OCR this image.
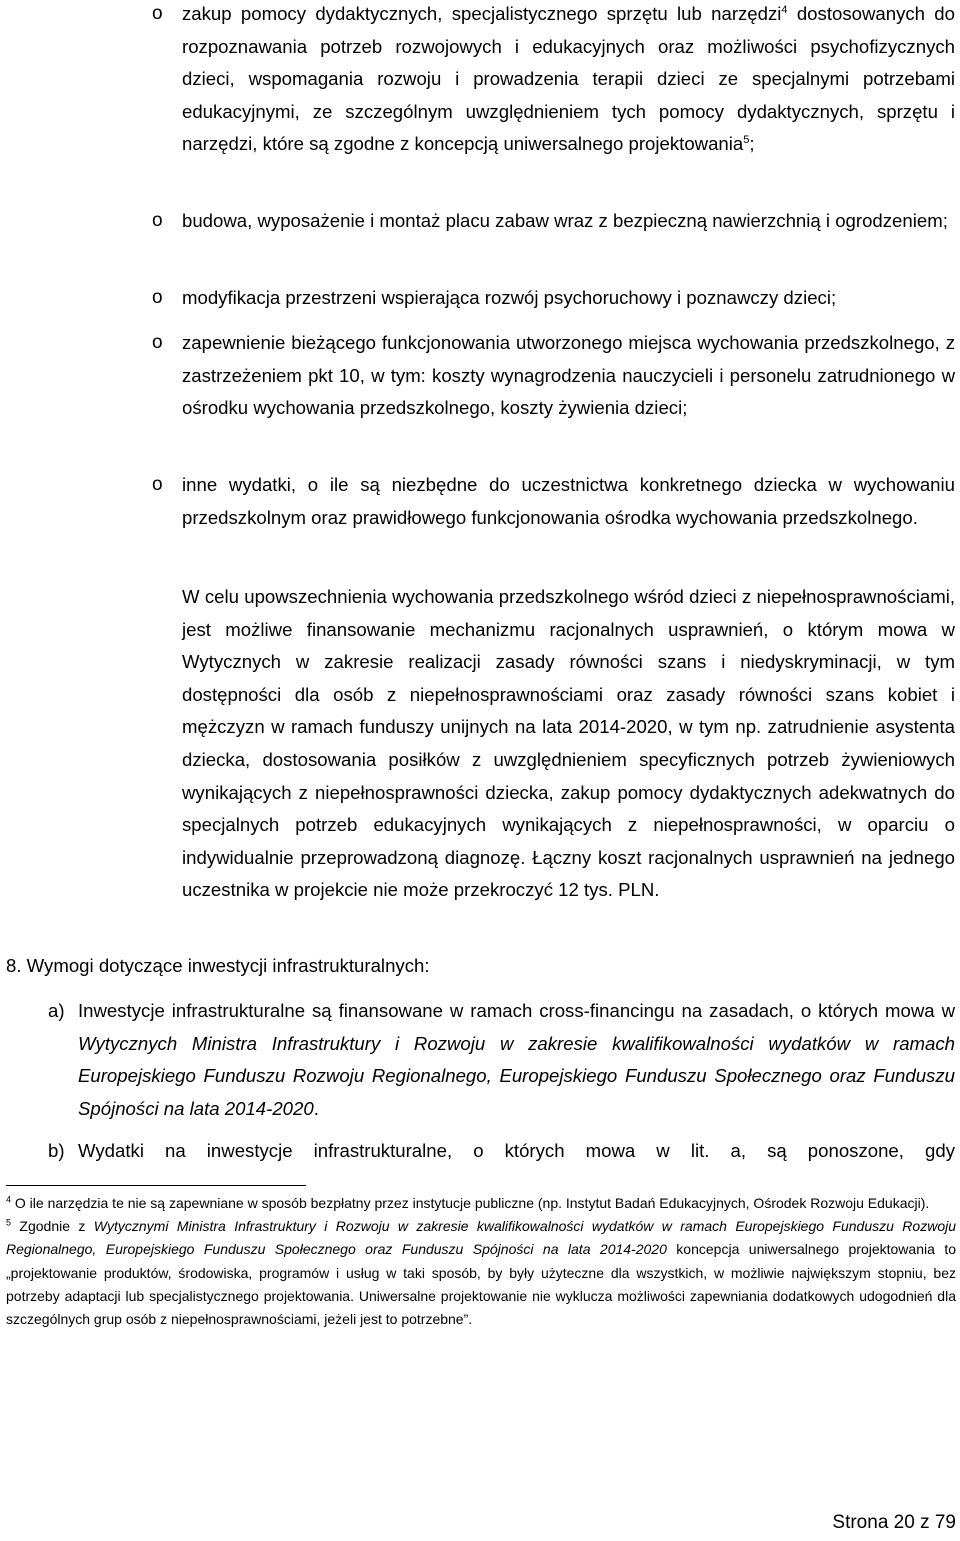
o zakup pomocy dydaktycznych, specjalistycznego sprzętu lub narzędzi$^4$ dostosowanych do rozpoznawania potrzeb rozwojowych i edukacyjnych oraz możliwości psychofizycznych dzieci, wspomagania rozwoju i prowadzenia terapii dzieci ze specjalnymi potrzebami edukacyjnymi, ze szczególnym uwzględnieniem tych pomocy dydaktycznych, sprzętu i narzędzi, które są zgodne z koncepcją uniwersalnego projektowania$^5$;
o budowa, wyposażenie i montaż placu zabaw wraz z bezpieczną nawierzchnią i ogrodzeniem;
o modyfikacja przestrzeni wspierająca rozwój psychoruchowy i poznawczy dzieci;
o zapewnienie bieżącego funkcjonowania utworzonego miejsca wychowania przedszkolnego, z zastrzeżeniem pkt 10, w tym: koszty wynagrodzenia nauczycieli i personelu zatrudnionego w ośrodku wychowania przedszkolnego, koszty żywienia dzieci;
o inne wydatki, o ile są niezbędne do uczestnictwa konkretnego dziecka w wychowaniu przedszkolnym oraz prawidłowego funkcjonowania ośrodka wychowania przedszkolnego.
W celu upowszechnienia wychowania przedszkolnego wśród dzieci z niepełnosprawnościami, jest możliwe finansowanie mechanizmu racjonalnych usprawnień, o którym mowa w Wytycznych w zakresie realizacji zasady równości szans i niedyskryminacji, w tym dostępności dla osób z niepełnosprawnościami oraz zasady równości szans kobiet i mężczyzn w ramach funduszy unijnych na lata 2014-2020, w tym np. zatrudnienie asystenta dziecka, dostosowania posiłków z uwzględnieniem specyficznych potrzeb żywieniowych wynikających z niepełnosprawności dziecka, zakup pomocy dydaktycznych adekwatnych do specjalnych potrzeb edukacyjnych wynikających z niepełnosprawności, w oparciu o indywidualnie przeprowadzoną diagnozę. Łączny koszt racjonalnych usprawnień na jednego uczestnika w projekcie nie może przekroczyć 12 tys. PLN.
8. Wymogi dotyczące inwestycji infrastrukturalnych:
a) Inwestycje infrastrukturalne są finansowane w ramach cross-financingu na zasadach, o których mowa w Wytycznych Ministra Infrastruktury i Rozwoju w zakresie kwalifikowalności wydatków w ramach Europejskiego Funduszu Rozwoju Regionalnego, Europejskiego Funduszu Społecznego oraz Funduszu Spójności na lata 2014-2020.
b) Wydatki na inwestycje infrastrukturalne, o których mowa w lit. a, są ponoszone, gdy

$^4$ O ile narzędzia te nie są zapewniane w sposób bezpłatny przez instytucje publiczne (np. Instytut Badań Edukacyjnych, Ośrodek Rozwoju Edukacji).

$^5$ Zgodnie z Wytycznymi Ministra Infrastruktury i Rozwoju w zakresie kwalifikowalności wydatków w ramach Europejskiego Funduszu Rozwoju Regionalnego, Europejskiego Funduszu Społecznego oraz Funduszu Spójności na lata 2014-2020 koncepcja uniwersalnego projektowania to „projektowanie produktów, środowiska, programów i usług w taki sposób, by były użyteczne dla wszystkich, w możliwie największym stopniu, bez potrzeby adaptacji lub specjalistycznego projektowania. Uniwersalne projektowanie nie wyklucza możliwości zapewniania dodatkowych udogodnień dla szczególnych grup osób z niepełnosprawnościami, jeżeli jest to potrzebne”.

Strona 20 z 79
